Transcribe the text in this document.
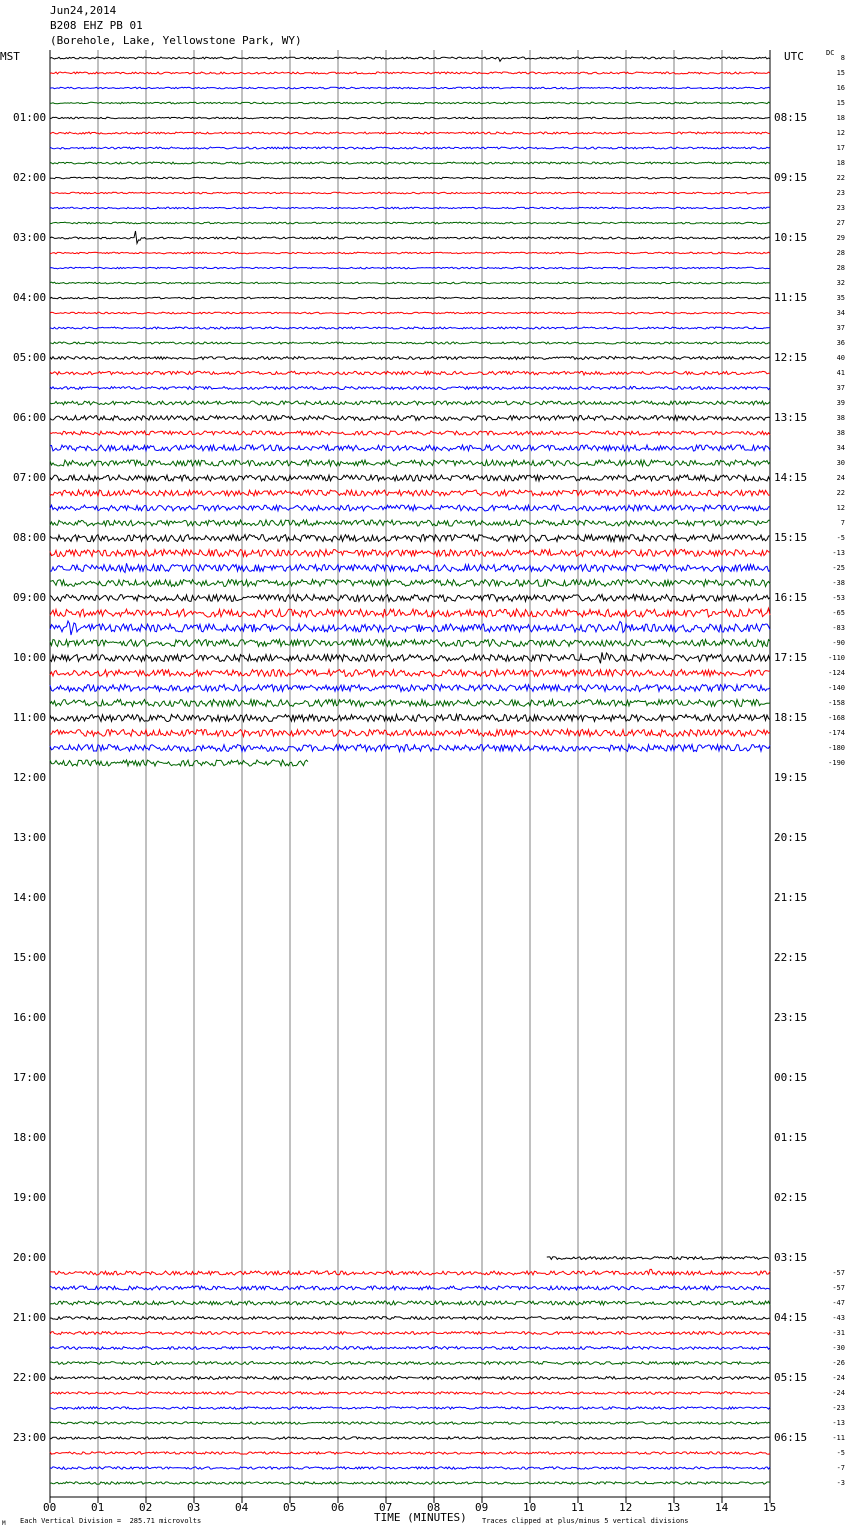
Jun24,2014
B208 EHZ PB 01
(Borehole, Lake, Yellowstone Park, WY)
MST	UTC	DC
01:00
02:00
03:00
04:00
05:00
06:00
07:00
08:00
09:00
10:00
11:00
12:00
13:00
14:00
15:00
16:00
17:00
18:00
19:00
20:00
21:00
22:00
23:00
08:15
09:15
10:15
11:15
12:15
13:15
14:15
15:15
16:15
17:15
18:15
19:15
20:15
21:15
22:15
23:15
00:15
01:15
02:15
03:15
04:15
05:15
06:15
8
15
16
15
18
12
17
18
22
23
23
27
29
28
28
32
35
34
37
36
40
41
37
39
38
38
34
30
24
22
12
7
-5
-13
-25
-38
-53
-65
-83
-90
-110
-124
-140
-158
-168
-174
-180
-190
-57
-57
-47
-43
-31
-30
-26
-24
-24
-23
-13
-11
-5
-7
-3
00	01	02	03	04	05	06	07	08	09	10	11	12	13	14	15
TIME (MINUTES)
Each Vertical Division =  285.71 microvolts	Traces clipped at plus/minus 5 vertical divisions
M
